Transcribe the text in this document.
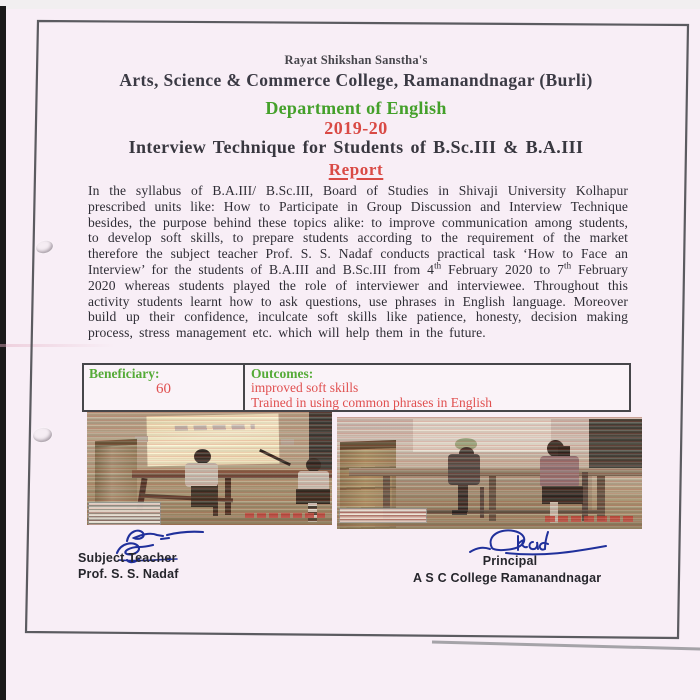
Rayat Shikshan Sanstha's
Arts, Science & Commerce College, Ramanandnagar (Burli)
Department of English
2019-20
Interview Technique for Students of B.Sc.III & B.A.III
Report

In the syllabus of B.A.III/ B.Sc.III, Board of Studies in Shivaji University Kolhapur prescribed units like: How to Participate in Group Discussion and Interview Technique besides, the purpose behind these topics alike: to improve communication among students, to develop soft skills, to prepare students according to the requirement of the market therefore the subject teacher Prof. S. S. Nadaf conducts practical task ‘How to Face an Interview’ for the students of B.A.III and B.Sc.III from 4th February 2020 to 7th February 2020 whereas students played the role of interviewer and interviewee. Throughout this activity students learnt how to ask questions, use phrases in English language. Moreover build up their confidence, inculcate soft skills like patience, honesty, decision making process, stress management etc. which will help them in the future.

Beneficiary:
60
Outcomes:
improved soft skills
Trained in using common phrases in English
Subject Teacher
Prof. S. S. Nadaf
Principal
A S C College Ramanandnagar
